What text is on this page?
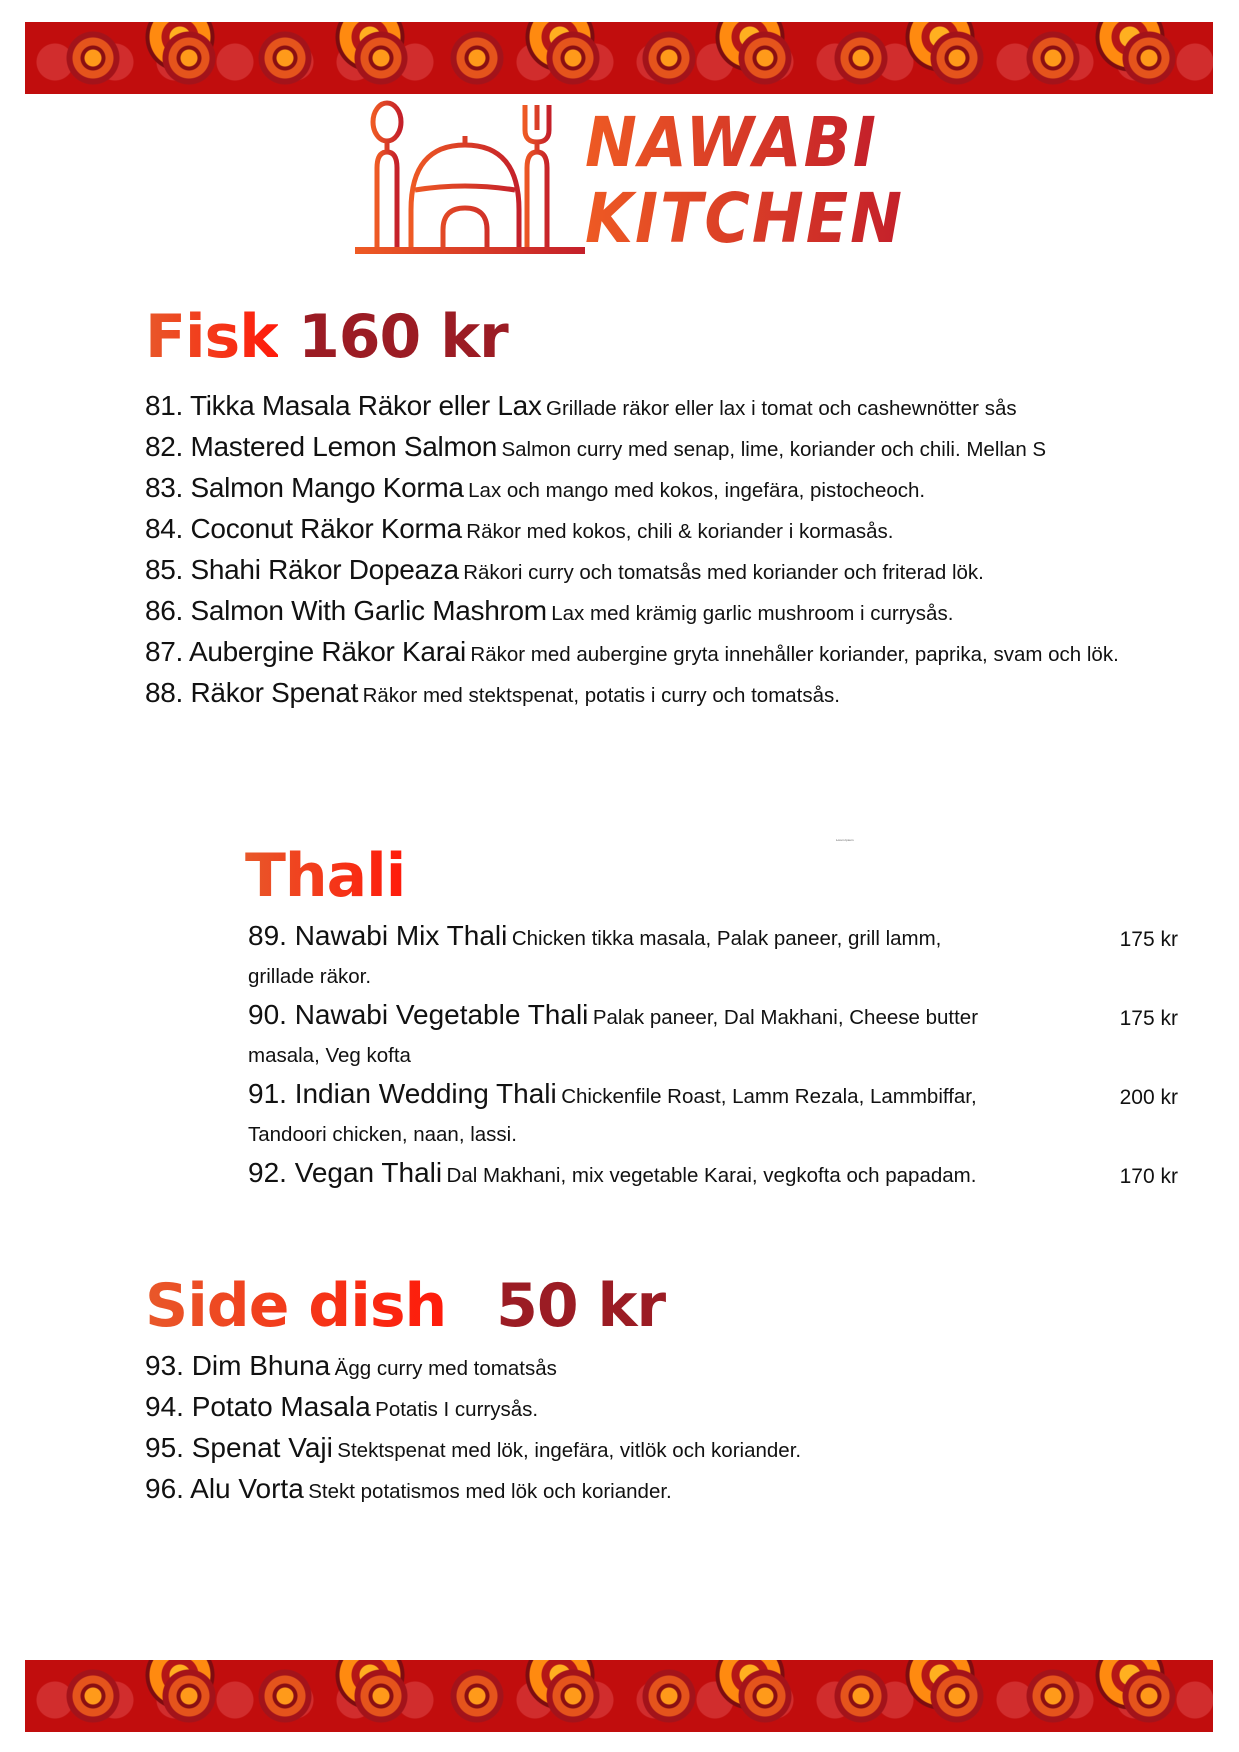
NAWABI
KITCHEN
Fisk 160 kr
81. Tikka Masala Räkor eller Lax Grillade räkor eller lax i tomat och cashewnötter sås
82. Mastered Lemon Salmon Salmon curry med senap, lime, koriander och chili. Mellan S
83. Salmon Mango Korma Lax och mango med kokos, ingefära, pistocheoch.
84. Coconut Räkor Korma Räkor med kokos, chili & koriander i kormasås.
85. Shahi Räkor Dopeaza Räkori curry och tomatsås med koriander och friterad lök.
86. Salmon With Garlic Mashrom Lax med krämig garlic mushroom i currysås.
87. Aubergine Räkor Karai Räkor med aubergine gryta innehåller koriander, paprika, svam och lök.
88. Räkor Spenat Räkor med stektspenat, potatis i curry och tomatsås.
Lorem Ipsum
Thali
89. Nawabi Mix Thali Chicken tikka masala, Palak paneer, grill lamm, grillade räkor.
175 kr
90. Nawabi Vegetable Thali Palak paneer, Dal Makhani, Cheese butter masala, Veg kofta
175 kr
91. Indian Wedding Thali Chickenfile Roast, Lamm Rezala, Lammbiffar, Tandoori chicken, naan, lassi.
200 kr
92. Vegan Thali Dal Makhani, mix vegetable Karai, vegkofta och papadam.	170 kr
Side dish 50 kr
93. Dim Bhuna Ägg curry med tomatsås
94. Potato Masala Potatis I currysås.
95. Spenat Vaji Stektspenat med lök, ingefära, vitlök och koriander.
96. Alu Vorta Stekt potatismos med lök och koriander.
